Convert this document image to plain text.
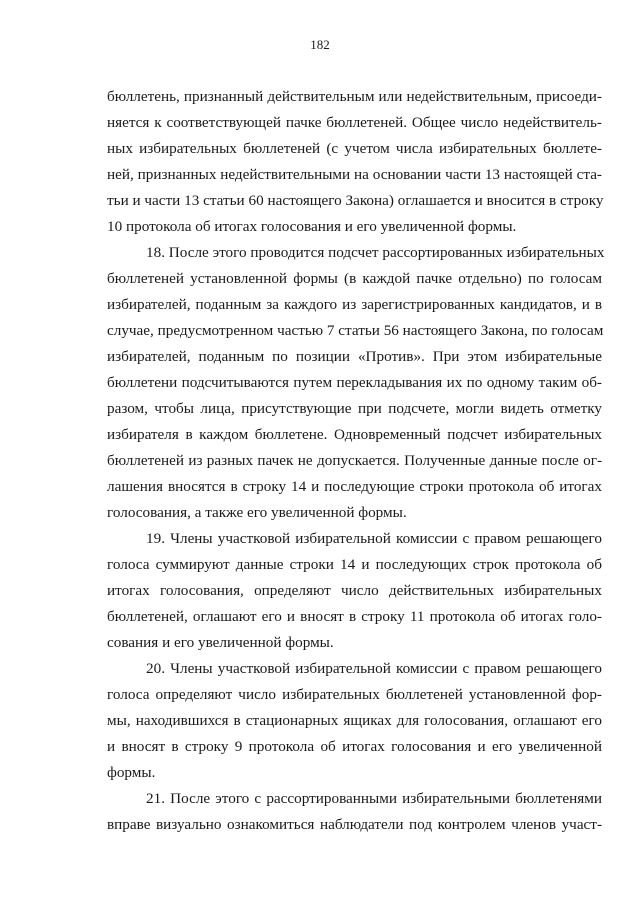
182
бюллетень, признанный действительным или недействительным, присоеди-
няется к соответствующей пачке бюллетеней. Общее число недействитель-
ных избирательных бюллетеней (с учетом числа избирательных бюллете-
ней, признанных недействительными на основании части 13 настоящей ста-
тьи и части 13 статьи 60 настоящего Закона) оглашается и вносится в строку
10 протокола об итогах голосования и его увеличенной формы.
18. После этого проводится подсчет рассортированных избирательных
бюллетеней установленной формы (в каждой пачке отдельно) по голосам
избирателей, поданным за каждого из зарегистрированных кандидатов, и в
случае, предусмотренном частью 7 статьи 56 настоящего Закона, по голосам
избирателей, поданным по позиции «Против». При этом избирательные
бюллетени подсчитываются путем перекладывания их по одному таким об-
разом, чтобы лица, присутствующие при подсчете, могли видеть отметку
избирателя в каждом бюллетене. Одновременный подсчет избирательных
бюллетеней из разных пачек не допускается. Полученные данные после ог-
лашения вносятся в строку 14 и последующие строки протокола об итогах
голосования, а также его увеличенной формы.
19. Члены участковой избирательной комиссии с правом решающего
голоса суммируют данные строки 14 и последующих строк протокола об
итогах голосования, определяют число действительных избирательных
бюллетеней, оглашают его и вносят в строку 11 протокола об итогах голо-
сования и его увеличенной формы.
20. Члены участковой избирательной комиссии с правом решающего
голоса определяют число избирательных бюллетеней установленной фор-
мы, находившихся в стационарных ящиках для голосования, оглашают его
и вносят в строку 9 протокола об итогах голосования и его увеличенной
формы.
21. После этого с рассортированными избирательными бюллетенями
вправе визуально ознакомиться наблюдатели под контролем членов участ-
